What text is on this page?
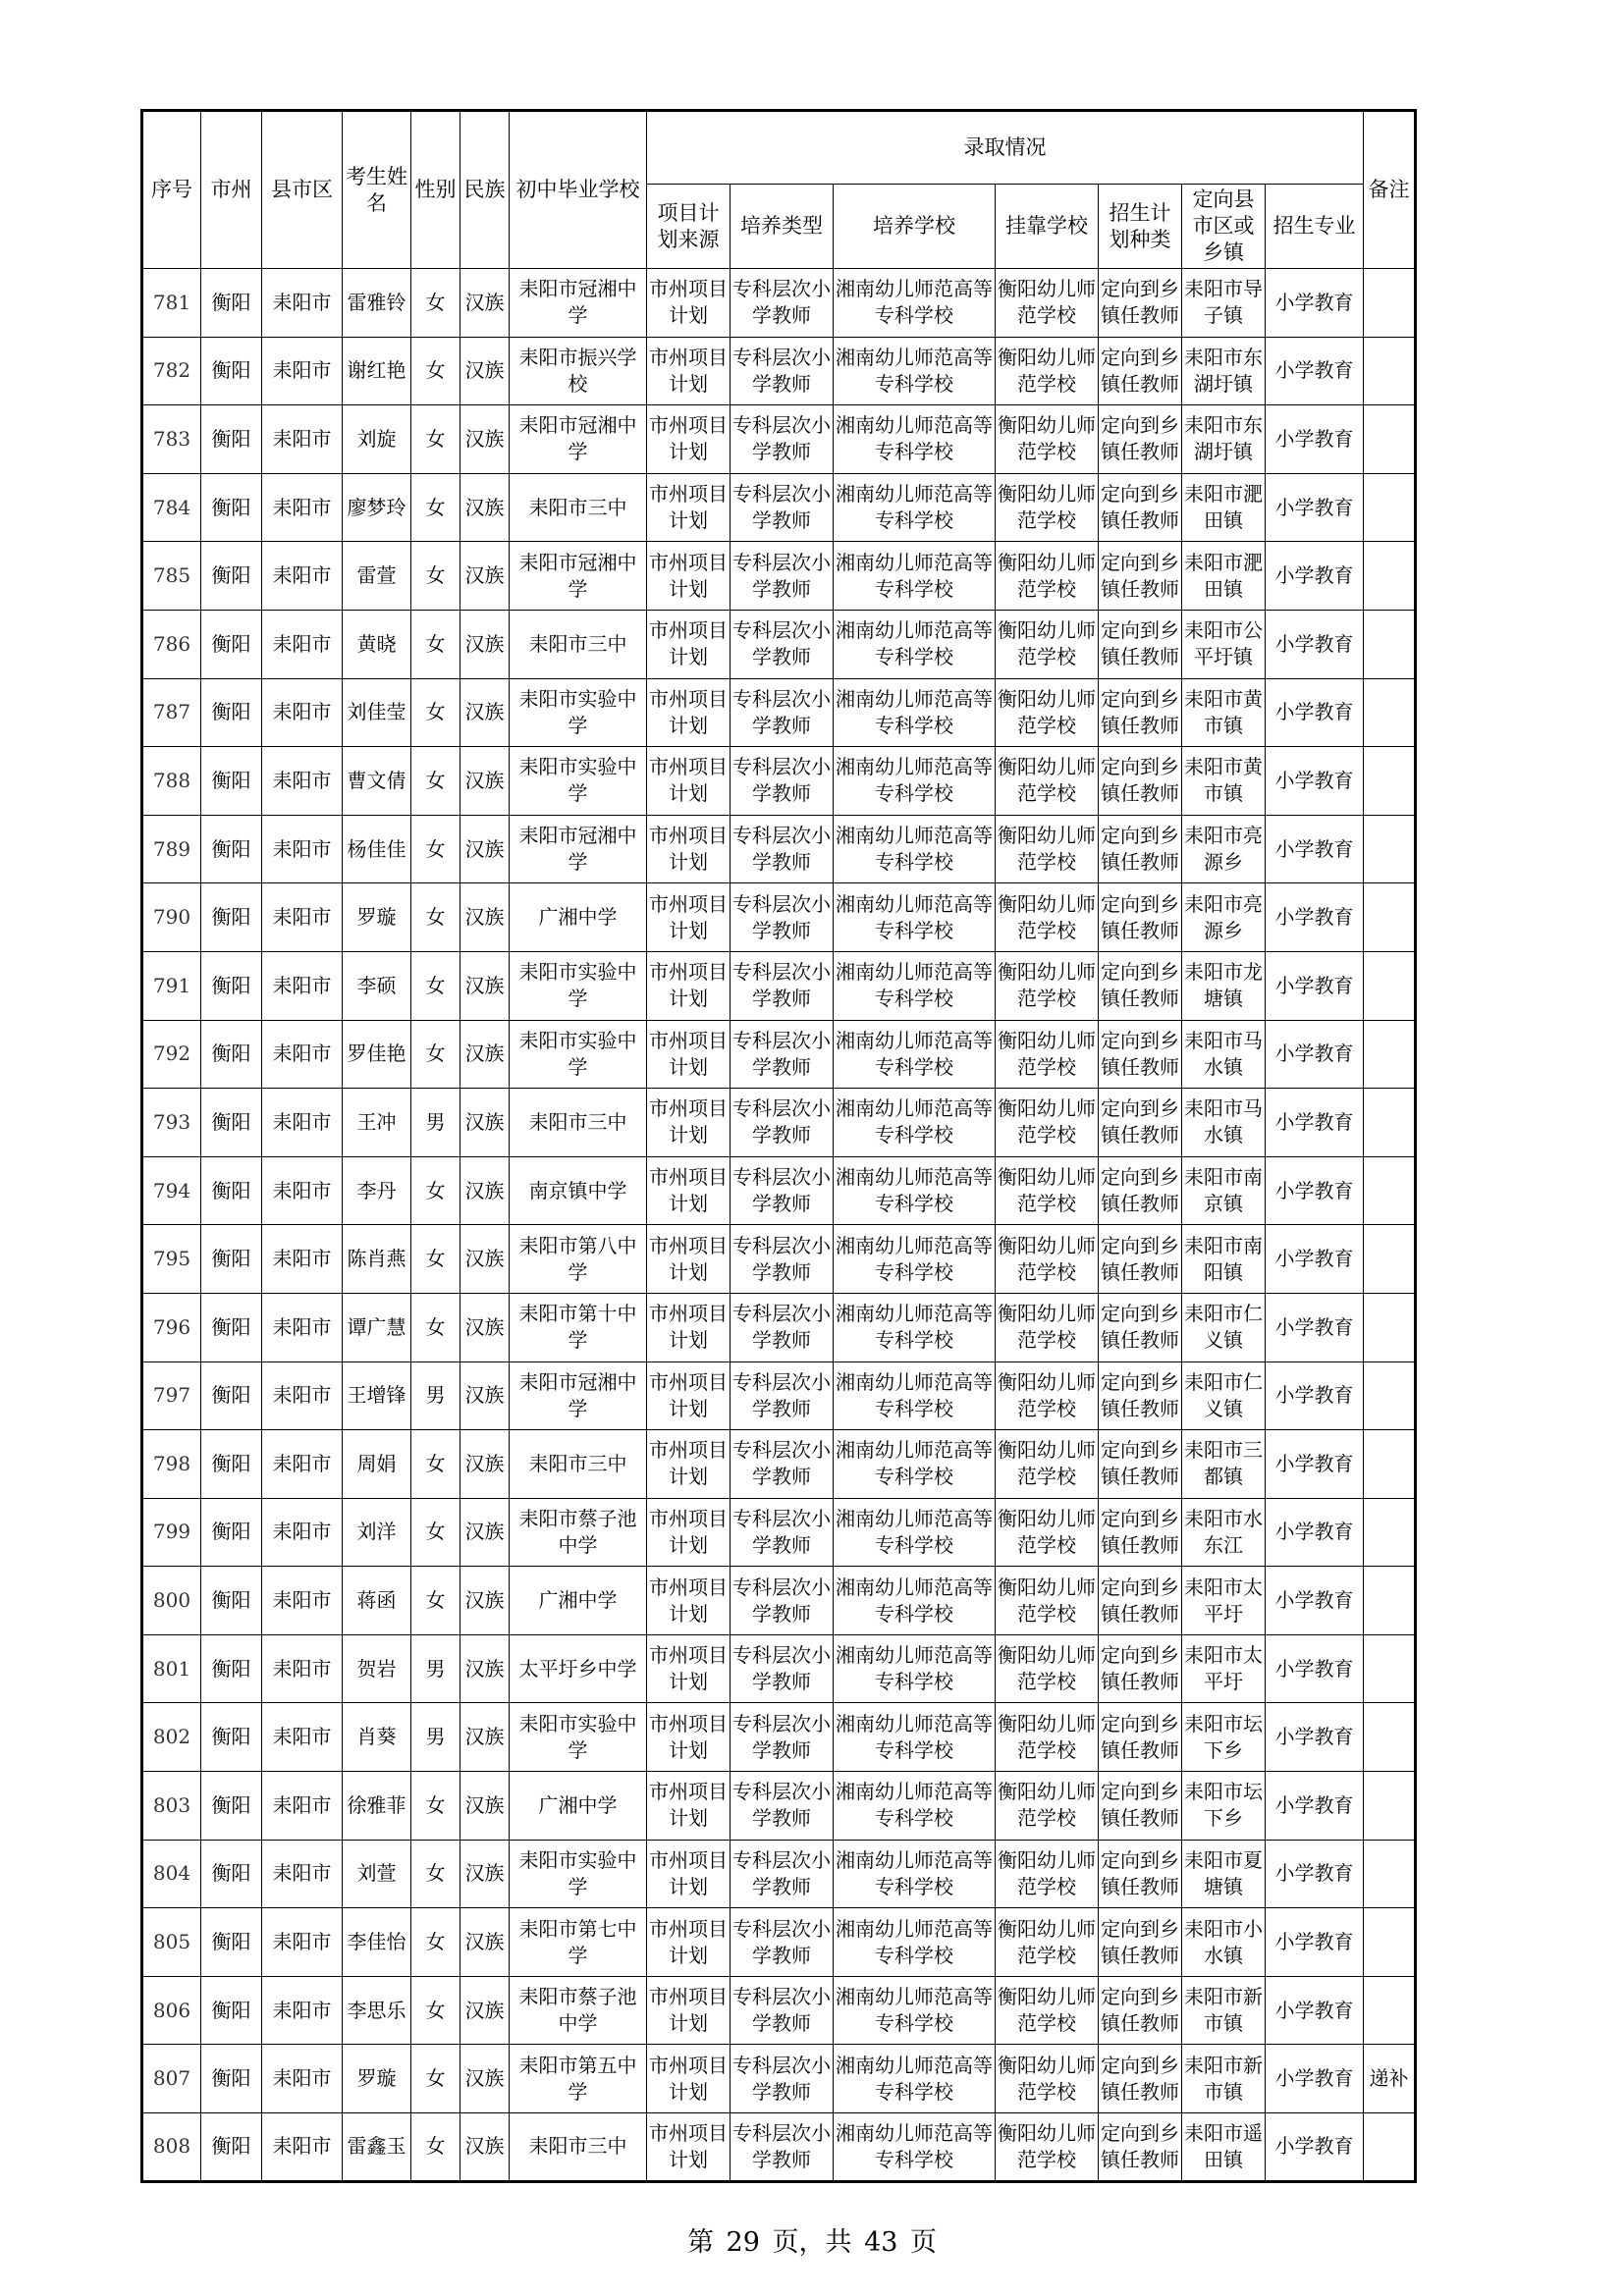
序号	市州	县市区	考生姓名	性别	民族	初中毕业学校	录取情况							备注
							项目计划来源	培养类型	培养学校	挂靠学校	招生计划种类	定向县市区或乡镇	招生专业	
781	衡阳	耒阳市	雷雅铃	女	汉族	耒阳市冠湘中学	市州项目计划	专科层次小学教师	湘南幼儿师范高等专科学校	衡阳幼儿师范学校	定向到乡镇任教师	耒阳市导子镇	小学教育	
782	衡阳	耒阳市	谢红艳	女	汉族	耒阳市振兴学校	市州项目计划	专科层次小学教师	湘南幼儿师范高等专科学校	衡阳幼儿师范学校	定向到乡镇任教师	耒阳市东湖圩镇	小学教育	
783	衡阳	耒阳市	刘旋	女	汉族	耒阳市冠湘中学	市州项目计划	专科层次小学教师	湘南幼儿师范高等专科学校	衡阳幼儿师范学校	定向到乡镇任教师	耒阳市东湖圩镇	小学教育	
784	衡阳	耒阳市	廖梦玲	女	汉族	耒阳市三中	市州项目计划	专科层次小学教师	湘南幼儿师范高等专科学校	衡阳幼儿师范学校	定向到乡镇任教师	耒阳市淝田镇	小学教育	
785	衡阳	耒阳市	雷萱	女	汉族	耒阳市冠湘中学	市州项目计划	专科层次小学教师	湘南幼儿师范高等专科学校	衡阳幼儿师范学校	定向到乡镇任教师	耒阳市淝田镇	小学教育	
786	衡阳	耒阳市	黄晓	女	汉族	耒阳市三中	市州项目计划	专科层次小学教师	湘南幼儿师范高等专科学校	衡阳幼儿师范学校	定向到乡镇任教师	耒阳市公平圩镇	小学教育	
787	衡阳	耒阳市	刘佳莹	女	汉族	耒阳市实验中学	市州项目计划	专科层次小学教师	湘南幼儿师范高等专科学校	衡阳幼儿师范学校	定向到乡镇任教师	耒阳市黄市镇	小学教育	
788	衡阳	耒阳市	曹文倩	女	汉族	耒阳市实验中学	市州项目计划	专科层次小学教师	湘南幼儿师范高等专科学校	衡阳幼儿师范学校	定向到乡镇任教师	耒阳市黄市镇	小学教育	
789	衡阳	耒阳市	杨佳佳	女	汉族	耒阳市冠湘中学	市州项目计划	专科层次小学教师	湘南幼儿师范高等专科学校	衡阳幼儿师范学校	定向到乡镇任教师	耒阳市亮源乡	小学教育	
790	衡阳	耒阳市	罗璇	女	汉族	广湘中学	市州项目计划	专科层次小学教师	湘南幼儿师范高等专科学校	衡阳幼儿师范学校	定向到乡镇任教师	耒阳市亮源乡	小学教育	
791	衡阳	耒阳市	李硕	女	汉族	耒阳市实验中学	市州项目计划	专科层次小学教师	湘南幼儿师范高等专科学校	衡阳幼儿师范学校	定向到乡镇任教师	耒阳市龙塘镇	小学教育	
792	衡阳	耒阳市	罗佳艳	女	汉族	耒阳市实验中学	市州项目计划	专科层次小学教师	湘南幼儿师范高等专科学校	衡阳幼儿师范学校	定向到乡镇任教师	耒阳市马水镇	小学教育	
793	衡阳	耒阳市	王冲	男	汉族	耒阳市三中	市州项目计划	专科层次小学教师	湘南幼儿师范高等专科学校	衡阳幼儿师范学校	定向到乡镇任教师	耒阳市马水镇	小学教育	
794	衡阳	耒阳市	李丹	女	汉族	南京镇中学	市州项目计划	专科层次小学教师	湘南幼儿师范高等专科学校	衡阳幼儿师范学校	定向到乡镇任教师	耒阳市南京镇	小学教育	
795	衡阳	耒阳市	陈肖燕	女	汉族	耒阳市第八中学	市州项目计划	专科层次小学教师	湘南幼儿师范高等专科学校	衡阳幼儿师范学校	定向到乡镇任教师	耒阳市南阳镇	小学教育	
796	衡阳	耒阳市	谭广慧	女	汉族	耒阳市第十中学	市州项目计划	专科层次小学教师	湘南幼儿师范高等专科学校	衡阳幼儿师范学校	定向到乡镇任教师	耒阳市仁义镇	小学教育	
797	衡阳	耒阳市	王增锋	男	汉族	耒阳市冠湘中学	市州项目计划	专科层次小学教师	湘南幼儿师范高等专科学校	衡阳幼儿师范学校	定向到乡镇任教师	耒阳市仁义镇	小学教育	
798	衡阳	耒阳市	周娟	女	汉族	耒阳市三中	市州项目计划	专科层次小学教师	湘南幼儿师范高等专科学校	衡阳幼儿师范学校	定向到乡镇任教师	耒阳市三都镇	小学教育	
799	衡阳	耒阳市	刘洋	女	汉族	耒阳市蔡子池中学	市州项目计划	专科层次小学教师	湘南幼儿师范高等专科学校	衡阳幼儿师范学校	定向到乡镇任教师	耒阳市水东江	小学教育	
800	衡阳	耒阳市	蒋函	女	汉族	广湘中学	市州项目计划	专科层次小学教师	湘南幼儿师范高等专科学校	衡阳幼儿师范学校	定向到乡镇任教师	耒阳市太平圩	小学教育	
801	衡阳	耒阳市	贺岩	男	汉族	太平圩乡中学	市州项目计划	专科层次小学教师	湘南幼儿师范高等专科学校	衡阳幼儿师范学校	定向到乡镇任教师	耒阳市太平圩	小学教育	
802	衡阳	耒阳市	肖葵	男	汉族	耒阳市实验中学	市州项目计划	专科层次小学教师	湘南幼儿师范高等专科学校	衡阳幼儿师范学校	定向到乡镇任教师	耒阳市坛下乡	小学教育	
803	衡阳	耒阳市	徐雅菲	女	汉族	广湘中学	市州项目计划	专科层次小学教师	湘南幼儿师范高等专科学校	衡阳幼儿师范学校	定向到乡镇任教师	耒阳市坛下乡	小学教育	
804	衡阳	耒阳市	刘萱	女	汉族	耒阳市实验中学	市州项目计划	专科层次小学教师	湘南幼儿师范高等专科学校	衡阳幼儿师范学校	定向到乡镇任教师	耒阳市夏塘镇	小学教育	
805	衡阳	耒阳市	李佳怡	女	汉族	耒阳市第七中学	市州项目计划	专科层次小学教师	湘南幼儿师范高等专科学校	衡阳幼儿师范学校	定向到乡镇任教师	耒阳市小水镇	小学教育	
806	衡阳	耒阳市	李思乐	女	汉族	耒阳市蔡子池中学	市州项目计划	专科层次小学教师	湘南幼儿师范高等专科学校	衡阳幼儿师范学校	定向到乡镇任教师	耒阳市新市镇	小学教育	
807	衡阳	耒阳市	罗璇	女	汉族	耒阳市第五中学	市州项目计划	专科层次小学教师	湘南幼儿师范高等专科学校	衡阳幼儿师范学校	定向到乡镇任教师	耒阳市新市镇	小学教育	递补
808	衡阳	耒阳市	雷鑫玉	女	汉族	耒阳市三中	市州项目计划	专科层次小学教师	湘南幼儿师范高等专科学校	衡阳幼儿师范学校	定向到乡镇任教师	耒阳市遥田镇	小学教育	
第 29 页，共 43 页
